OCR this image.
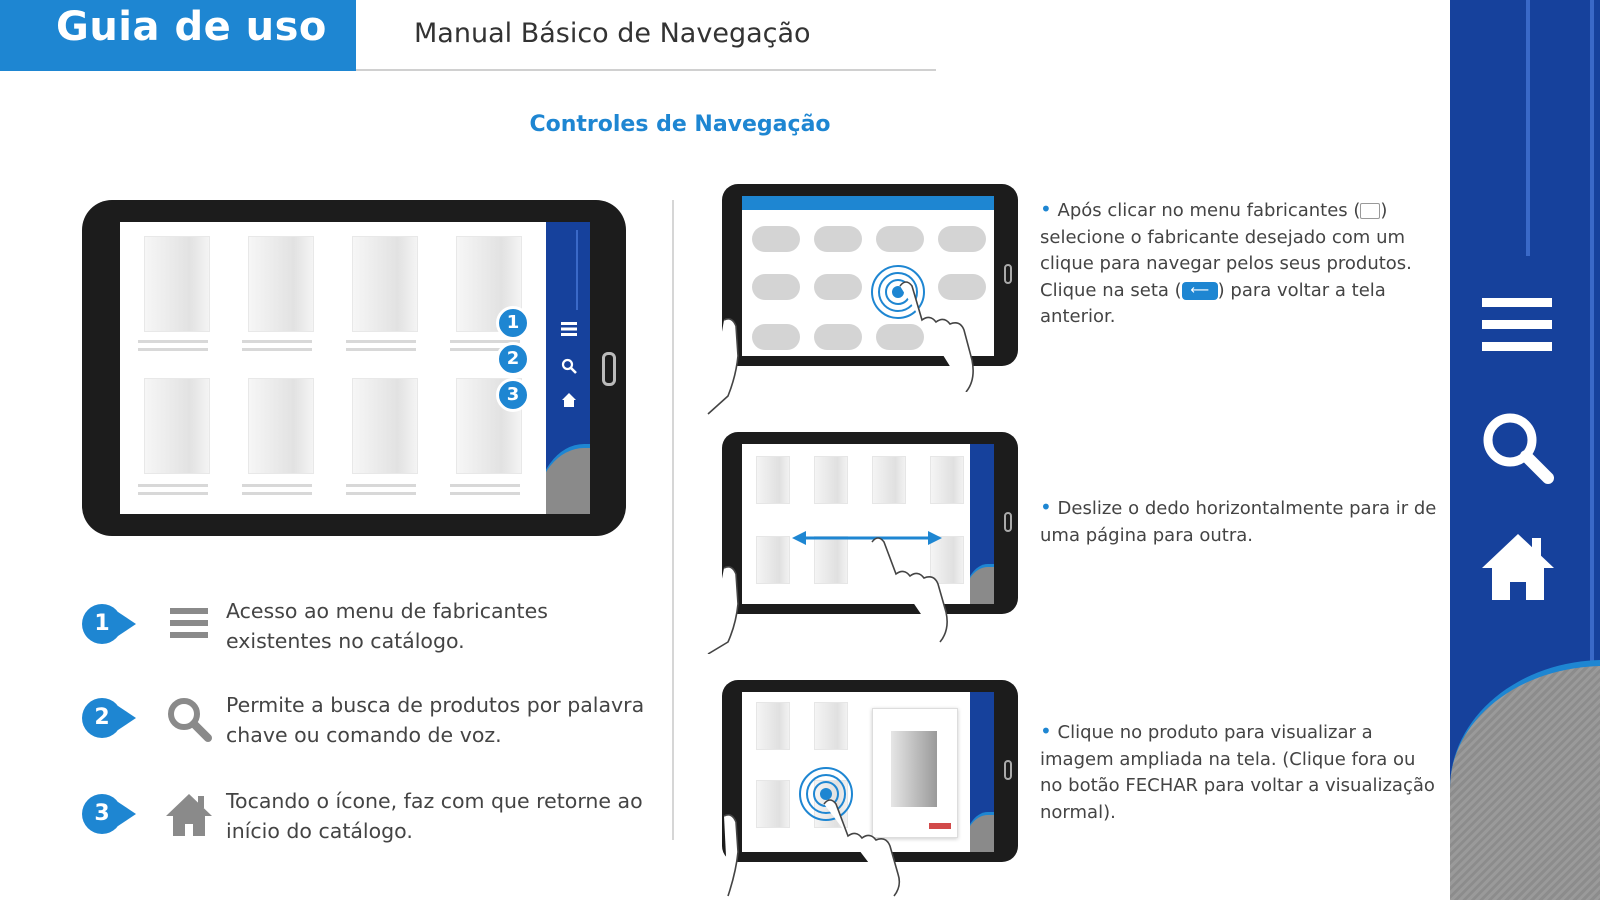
Guia de uso	Manual Básico de Navegação
Controles de Navegação
1
2
3
1	Acesso ao menu de fabricantes existentes no catálogo.
2	Permite a busca de produtos por palavra chave ou comando de voz.
3	Tocando o ícone, faz com que retorne ao início do catálogo.
• Após clicar no menu fabricantes ( ) selecione o fabricante desejado com um clique para navegar pelos seus produtos.
Clique na seta ( ⟵ ) para voltar a tela anterior.
• Deslize o dedo horizontalmente para ir de uma página para outra.
• Clique no produto para visualizar a imagem ampliada na tela. (Clique fora ou no botão FECHAR para voltar a visualização normal).
